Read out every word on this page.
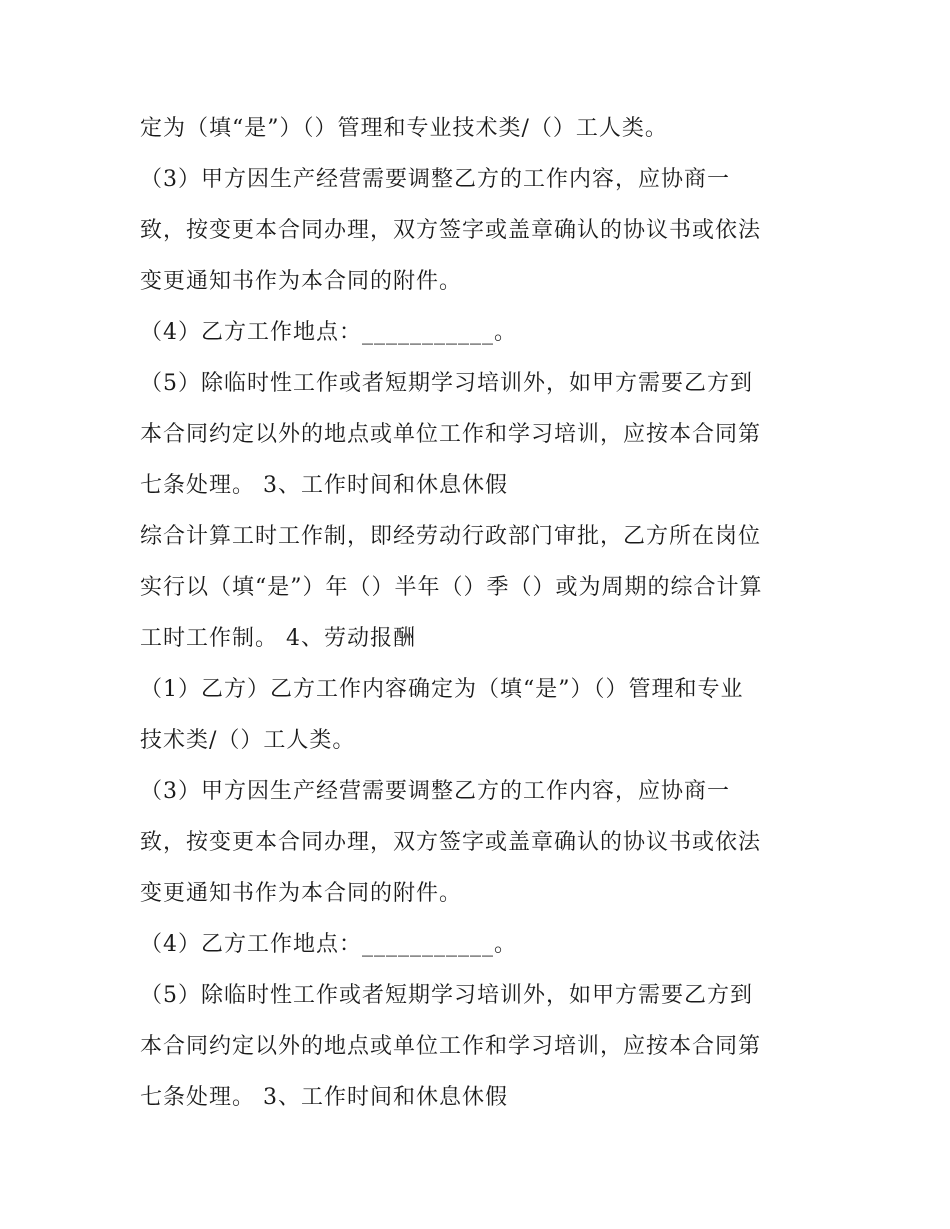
定为（填“是”）（）管理和专业技术类/（）工人类。
（3）甲方因生产经营需要调整乙方的工作内容，应协商一
致，按变更本合同办理，双方签字或盖章确认的协议书或依法
变更通知书作为本合同的附件。
（4）乙方工作地点：___________。
（5）除临时性工作或者短期学习培训外，如甲方需要乙方到
本合同约定以外的地点或单位工作和学习培训，应按本合同第
七条处理。 3、工作时间和休息休假
综合计算工时工作制，即经劳动行政部门审批，乙方所在岗位
实行以（填“是”）年（）半年（）季（）或为周期的综合计算
工时工作制。 4、劳动报酬
（1）乙方）乙方工作内容确定为（填“是”）（）管理和专业
技术类/（）工人类。
（3）甲方因生产经营需要调整乙方的工作内容，应协商一
致，按变更本合同办理，双方签字或盖章确认的协议书或依法
变更通知书作为本合同的附件。
（4）乙方工作地点：___________。
（5）除临时性工作或者短期学习培训外，如甲方需要乙方到
本合同约定以外的地点或单位工作和学习培训，应按本合同第
七条处理。 3、工作时间和休息休假
